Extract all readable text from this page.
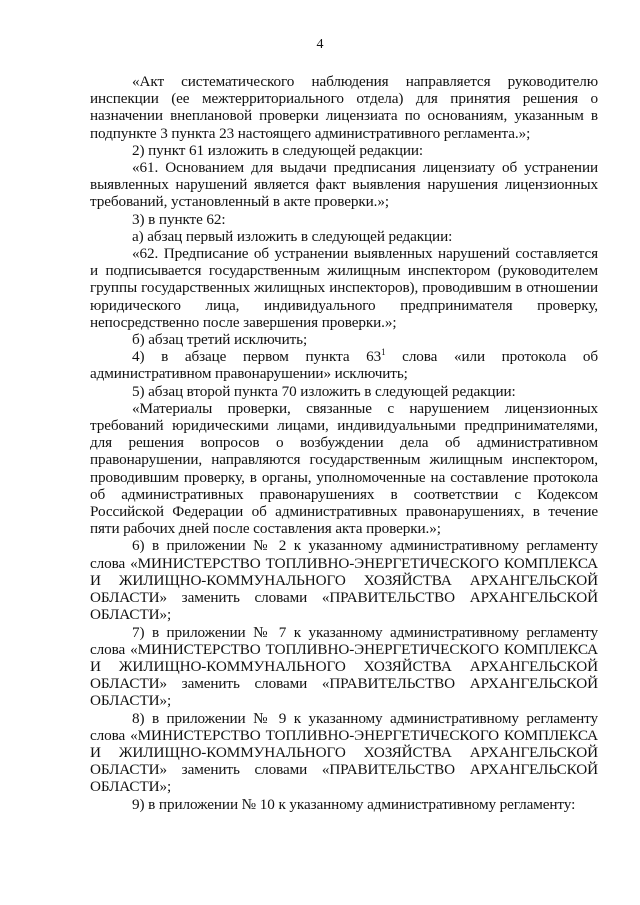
4

«Акт систематического наблюдения направляется руководителю инспекции (ее межтерриториального отдела) для принятия решения о назначении внеплановой проверки лицензиата по основаниям, указанным в подпункте 3 пункта 23 настоящего административного регламента.»;

2) пункт 61 изложить в следующей редакции:

«61. Основанием для выдачи предписания лицензиату об устранении выявленных нарушений является факт выявления нарушения лицензионных требований, установленный в акте проверки.»;

3) в пункте 62:

а) абзац первый изложить в следующей редакции:

«62. Предписание об устранении выявленных нарушений составляется и подписывается государственным жилищным инспектором (руководителем группы государственных жилищных инспекторов), проводившим в отношении юридического лица, индивидуального предпринимателя проверку, непосредственно после завершения проверки.»;

б) абзац третий исключить;

4) в абзаце первом пункта $63^1$ слова «или протокола об административном правонарушении» исключить;

5) абзац второй пункта 70 изложить в следующей редакции:

«Материалы проверки, связанные с нарушением лицензионных требований юридическими лицами, индивидуальными предпринимателями, для решения вопросов о возбуждении дела об административном правонарушении, направляются государственным жилищным инспектором, проводившим проверку, в органы, уполномоченные на составление протокола об административных правонарушениях в соответствии с Кодексом Российской Федерации об административных правонарушениях, в течение пяти рабочих дней после составления акта проверки.»;

6) в приложении № 2 к указанному административному регламенту слова «МИНИСТЕРСТВО ТОПЛИВНО-ЭНЕРГЕТИЧЕСКОГО КОМПЛЕКСА И ЖИЛИЩНО-КОММУНАЛЬНОГО ХОЗЯЙСТВА АРХАНГЕЛЬСКОЙ ОБЛАСТИ» заменить словами «ПРАВИТЕЛЬСТВО АРХАНГЕЛЬСКОЙ ОБЛАСТИ»;

7) в приложении № 7 к указанному административному регламенту слова «МИНИСТЕРСТВО ТОПЛИВНО-ЭНЕРГЕТИЧЕСКОГО КОМПЛЕКСА И ЖИЛИЩНО-КОММУНАЛЬНОГО ХОЗЯЙСТВА АРХАНГЕЛЬСКОЙ ОБЛАСТИ» заменить словами «ПРАВИТЕЛЬСТВО АРХАНГЕЛЬСКОЙ ОБЛАСТИ»;

8) в приложении № 9 к указанному административному регламенту слова «МИНИСТЕРСТВО ТОПЛИВНО-ЭНЕРГЕТИЧЕСКОГО КОМПЛЕКСА И ЖИЛИЩНО-КОММУНАЛЬНОГО ХОЗЯЙСТВА АРХАНГЕЛЬСКОЙ ОБЛАСТИ» заменить словами «ПРАВИТЕЛЬСТВО АРХАНГЕЛЬСКОЙ ОБЛАСТИ»;

9) в приложении № 10 к указанному административному регламенту:
